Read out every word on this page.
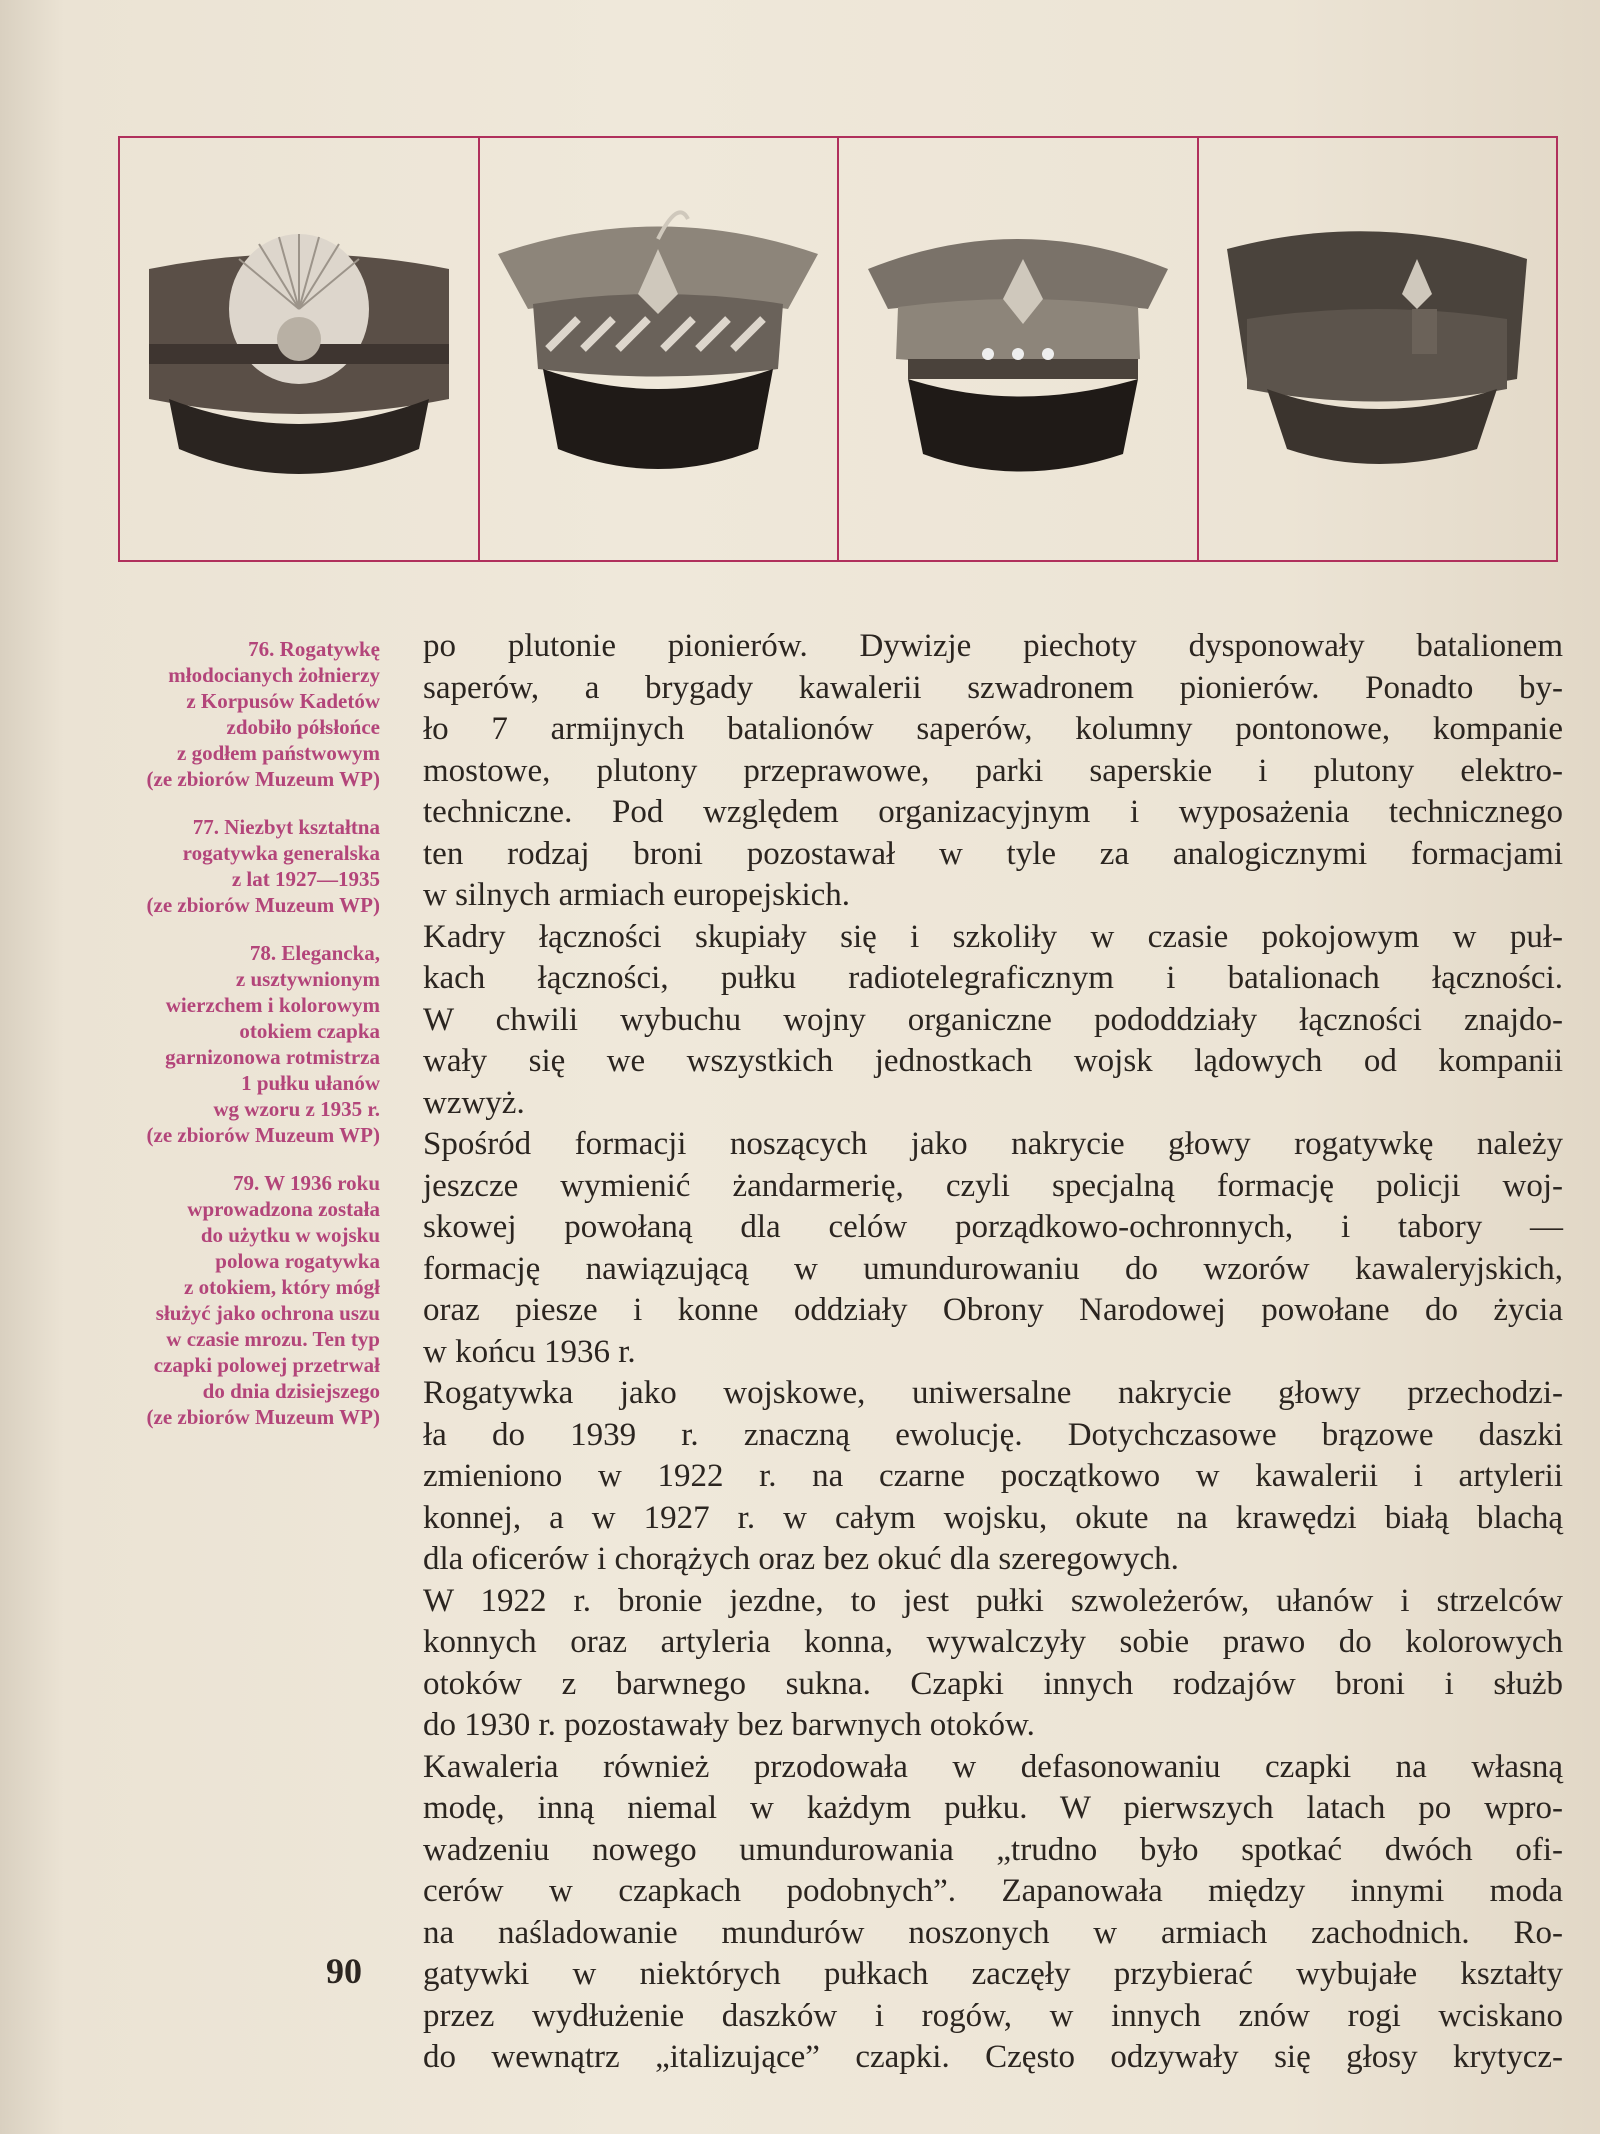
76. Rogatywkę
młodocianych żołnierzy
z Korpusów Kadetów
zdobiło półsłońce
z godłem państwowym
(ze zbiorów Muzeum WP)
77. Niezbyt kształtna
rogatywka generalska
z lat 1927—1935
(ze zbiorów Muzeum WP)
78. Elegancka,
z usztywnionym
wierzchem i kolorowym
otokiem czapka
garnizonowa rotmistrza
1 pułku ułanów
wg wzoru z 1935 r.
(ze zbiorów Muzeum WP)
79. W 1936 roku
wprowadzona została
do użytku w wojsku
polowa rogatywka
z otokiem, który mógł
służyć jako ochrona uszu
w czasie mrozu. Ten typ
czapki polowej przetrwał
do dnia dzisiejszego
(ze zbiorów Muzeum WP)
po plutonie pionierów. Dywizje piechoty dysponowały batalionem
saperów, a brygady kawalerii szwadronem pionierów. Ponadto by-
ło 7 armijnych batalionów saperów, kolumny pontonowe, kompanie
mostowe, plutony przeprawowe, parki saperskie i plutony elektro-
techniczne. Pod względem organizacyjnym i wyposażenia technicznego
ten rodzaj broni pozostawał w tyle za analogicznymi formacjami
w silnych armiach europejskich.
Kadry łączności skupiały się i szkoliły w czasie pokojowym w puł-
kach łączności, pułku radiotelegraficznym i batalionach łączności.
W chwili wybuchu wojny organiczne pododdziały łączności znajdo-
wały się we wszystkich jednostkach wojsk lądowych od kompanii
wzwyż.
Spośród formacji noszących jako nakrycie głowy rogatywkę należy
jeszcze wymienić żandarmerię, czyli specjalną formację policji woj-
skowej powołaną dla celów porządkowo-ochronnych, i tabory —
formację nawiązującą w umundurowaniu do wzorów kawaleryjskich,
oraz piesze i konne oddziały Obrony Narodowej powołane do życia
w końcu 1936 r.
Rogatywka jako wojskowe, uniwersalne nakrycie głowy przechodzi-
ła do 1939 r. znaczną ewolucję. Dotychczasowe brązowe daszki
zmieniono w 1922 r. na czarne początkowo w kawalerii i artylerii
konnej, a w 1927 r. w całym wojsku, okute na krawędzi białą blachą
dla oficerów i chorążych oraz bez okuć dla szeregowych.
W 1922 r. bronie jezdne, to jest pułki szwoleżerów, ułanów i strzelców
konnych oraz artyleria konna, wywalczyły sobie prawo do kolorowych
otoków z barwnego sukna. Czapki innych rodzajów broni i służb
do 1930 r. pozostawały bez barwnych otoków.
Kawaleria również przodowała w defasonowaniu czapki na własną
modę, inną niemal w każdym pułku. W pierwszych latach po wpro-
wadzeniu nowego umundurowania „trudno było spotkać dwóch ofi-
cerów w czapkach podobnych”. Zapanowała między innymi moda
na naśladowanie mundurów noszonych w armiach zachodnich. Ro-
gatywki w niektórych pułkach zaczęły przybierać wybujałe kształty
przez wydłużenie daszków i rogów, w innych znów rogi wciskano
do wewnątrz „italizujące” czapki. Często odzywały się głosy krytycz-
90
